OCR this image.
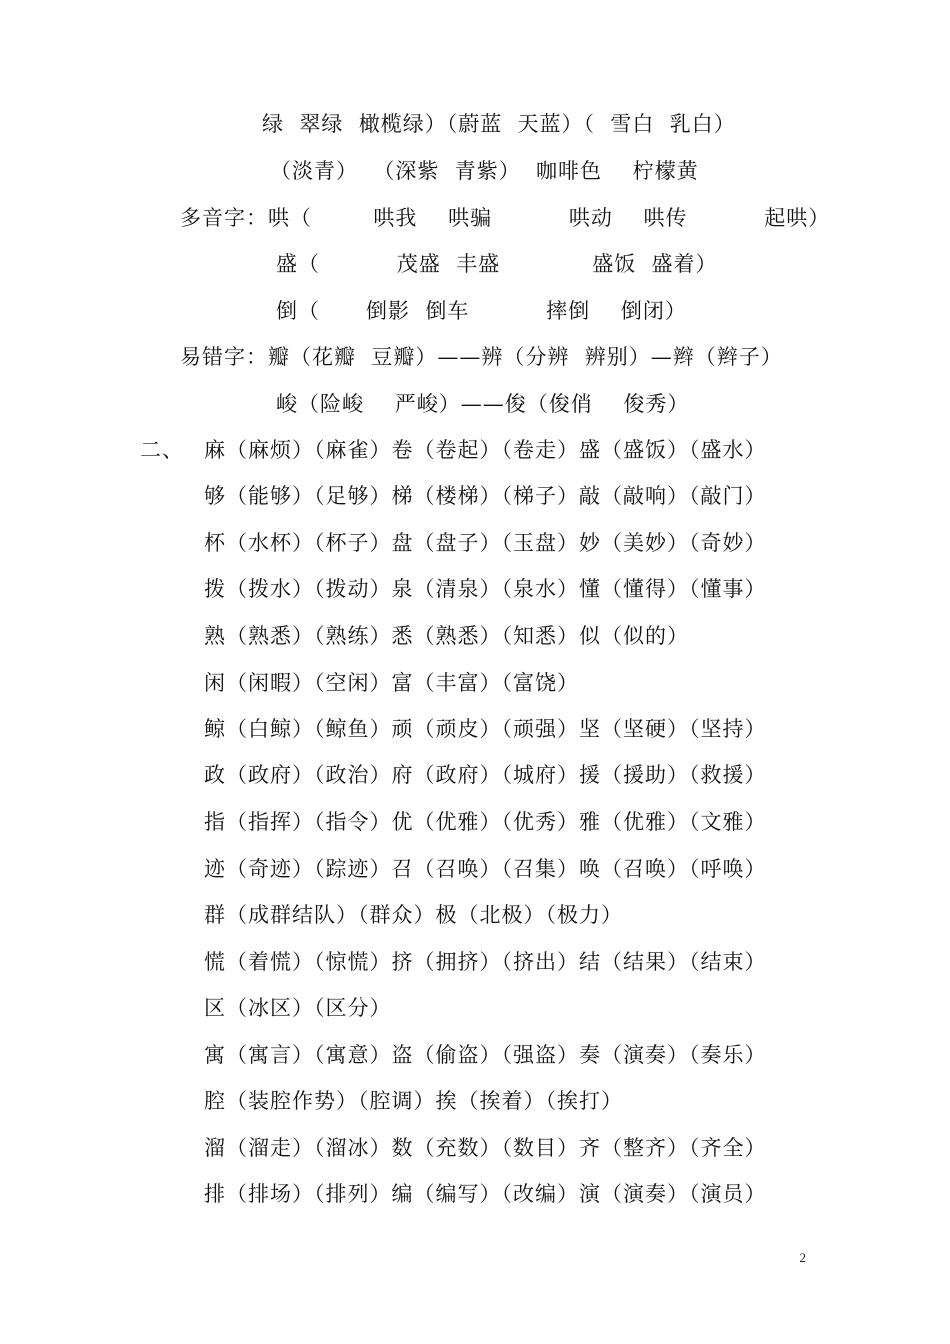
绿  翠绿  橄榄绿）（蔚蓝  天蓝）（  雪白  乳白）
（淡青）  （深紫  青紫）  咖啡色    柠檬黄
多音字：哄（        哄我    哄骗          哄动    哄传          起哄）
盛（          茂盛  丰盛            盛饭  盛着）
倒（      倒影  倒车          摔倒    倒闭）
易错字：瓣（花瓣  豆瓣）——辨（分辨  辨别）—辫（辫子）
峻（险峻    严峻）——俊（俊俏    俊秀）
二、 麻（麻烦）（麻雀）卷（卷起）（卷走）盛（盛饭）（盛水）
够（能够）（足够）梯（楼梯）（梯子）敲（敲响）（敲门）
杯（水杯）（杯子）盘（盘子）（玉盘）妙（美妙）（奇妙）
拨（拨水）（拨动）泉（清泉）（泉水）懂（懂得）（懂事）
熟（熟悉）（熟练）悉（熟悉）（知悉）似（似的）
闲（闲暇）（空闲）富（丰富）（富饶）
鲸（白鲸）（鲸鱼）顽（顽皮）（顽强）坚（坚硬）（坚持）
政（政府）（政治）府（政府）（城府）援（援助）（救援）
指（指挥）（指令）优（优雅）（优秀）雅（优雅）（文雅）
迹（奇迹）（踪迹）召（召唤）（召集）唤（召唤）（呼唤）
群（成群结队）（群众）极（北极）（极力）
慌（着慌）（惊慌）挤（拥挤）（挤出）结（结果）（结束）
区（冰区）（区分）
寓（寓言）（寓意）盗（偷盗）（强盗）奏（演奏）（奏乐）
腔（装腔作势）（腔调）挨（挨着）（挨打）
溜（溜走）（溜冰）数（充数）（数目）齐（整齐）（齐全）
排（排场）（排列）编（编写）（改编）演（演奏）（演员）
2
